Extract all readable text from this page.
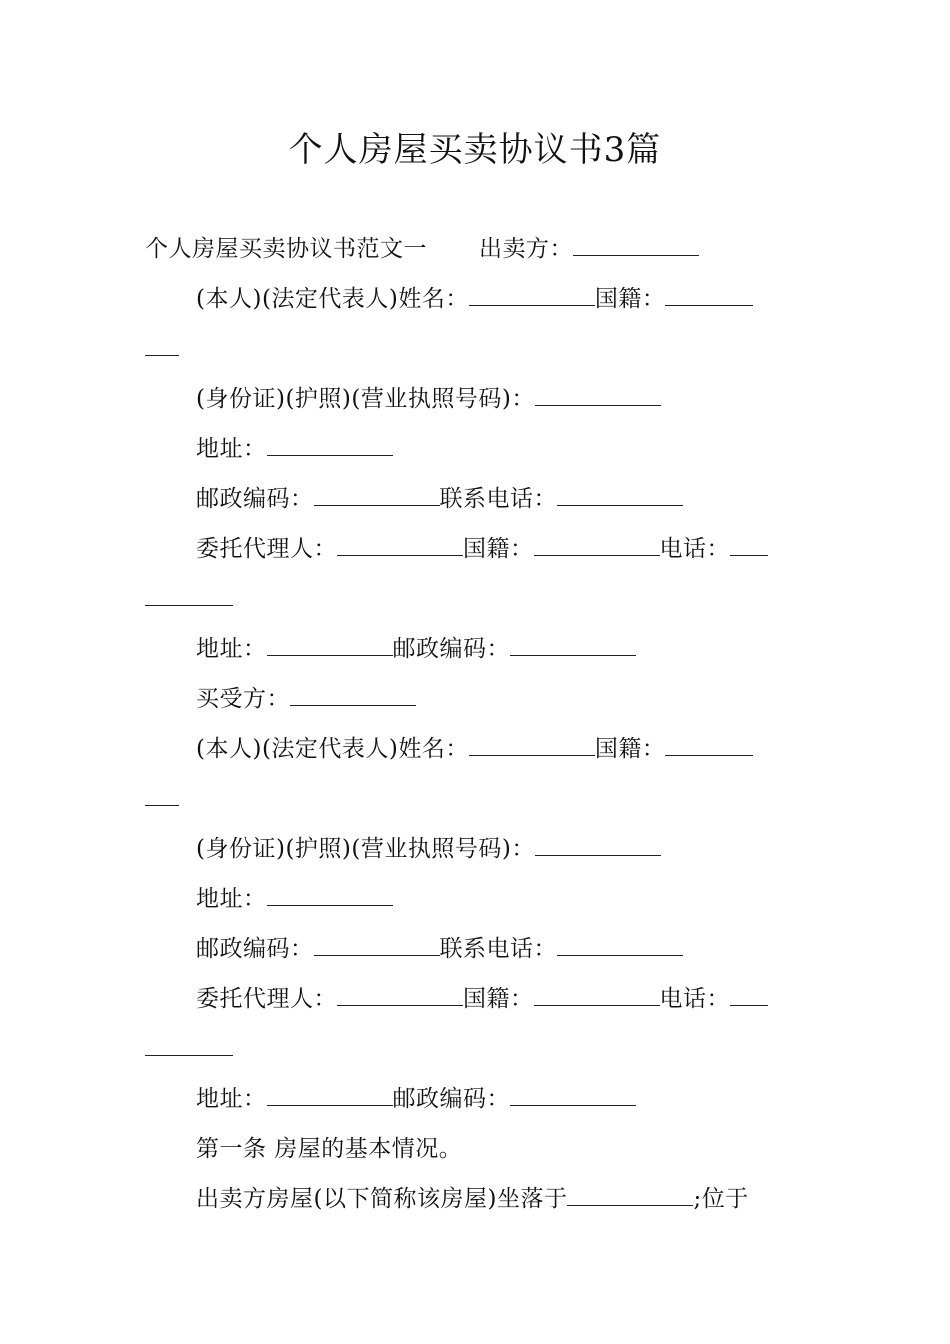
个人房屋买卖协议书3篇
个人房屋买卖协议书范文一 出卖方：
(本人)(法定代表人)姓名：	国籍：
(身份证)(护照)(营业执照号码)：
地址：
邮政编码：	联系电话：
委托代理人：	国籍：	电话：
地址：	邮政编码：
买受方：
(本人)(法定代表人)姓名：	国籍：
(身份证)(护照)(营业执照号码)：
地址：
邮政编码：	联系电话：
委托代理人：	国籍：	电话：
地址：	邮政编码：
第一条 房屋的基本情况。
出卖方房屋(以下简称该房屋)坐落于	;位于
